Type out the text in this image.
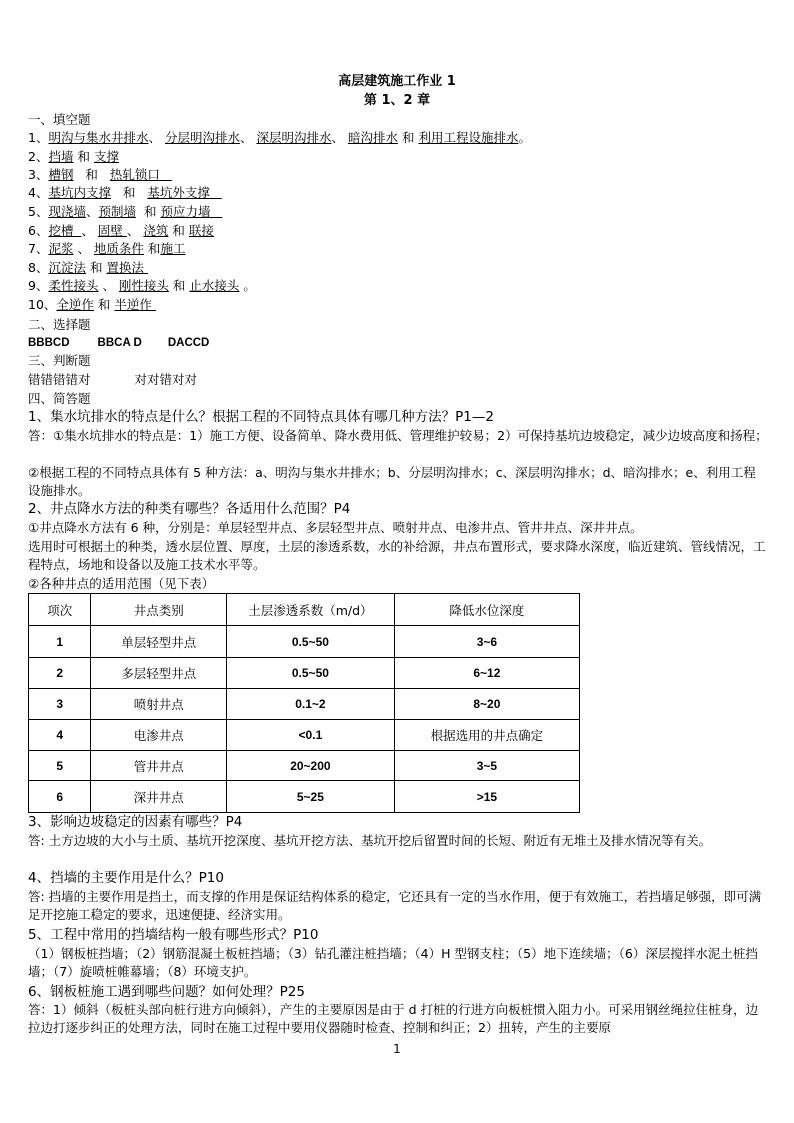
高层建筑施工作业 1
第 1、2 章
一、填空题
1、明沟与集水井排水、 分层明沟排水、 深层明沟排水、 暗沟排水 和 利用工程设施排水。
2、挡墙 和 支撑
3、槽钢 和 热轧锁口
4、基坑内支撑 和 基坑外支撑
5、现浇墙、预制墙 和 预应力墙
6、挖槽 、 固壁 、 浇筑 和 联接
7、泥浆 、 地质条件 和施工
8、沉淀法 和 置换法
9、柔性接头 、 刚性接头 和 止水接头 。
10、全逆作 和 半逆作
二、选择题
BBBCD BBCA D DACCD
三、判断题
错错错错对	对对错对对
四、简答题
1、集水坑排水的特点是什么？根据工程的不同特点具体有哪几种方法？P1—2
答：①集水坑排水的特点是：1）施工方便、设备简单、降水费用低、管理维护较易；2）可保持基坑边坡稳定，减少边坡高度和扬程；
②根据工程的不同特点具体有 5 种方法：a、明沟与集水井排水；b、分层明沟排水；c、深层明沟排水；d、暗沟排水；e、利用工程设施排水。
2、井点降水方法的种类有哪些？各适用什么范围？P4
①井点降水方法有 6 种，分别是：单层轻型井点、多层轻型井点、喷射井点、电渗井点、管井井点、深井井点。
选用时可根据土的种类，透水层位置、厚度，土层的渗透系数，水的补给源，井点布置形式，要求降水深度，临近建筑、管线情况，工程特点，场地和设备以及施工技术水平等。
②各种井点的适用范围（见下表）
项次	井点类别	土层渗透系数（m/d）	降低水位深度
1	单层轻型井点	0.5~50	3~6
2	多层轻型井点	0.5~50	6~12
3	喷射井点	0.1~2	8~20
4	电渗井点	<0.1	根据选用的井点确定
5	管井井点	20~200	3~5
6	深井井点	5~25	>15
3、影响边坡稳定的因素有哪些？P4
答: 土方边坡的大小与土质、基坑开挖深度、基坑开挖方法、基坑开挖后留置时间的长短、附近有无堆土及排水情况等有关。
4、挡墙的主要作用是什么？P10
答: 挡墙的主要作用是挡土，而支撑的作用是保证结构体系的稳定，它还具有一定的当水作用，便于有效施工，若挡墙足够强，即可满足开挖施工稳定的要求，迅速便捷、经济实用。
5、工程中常用的挡墙结构一般有哪些形式？P10
（1）钢板桩挡墙；（2）钢筋混凝土板桩挡墙；（3）钻孔灌注桩挡墙；（4）H 型钢支柱；（5）地下连续墙；（6）深层搅拌水泥土桩挡墙；（7）旋喷桩帷幕墙；（8）环境支护。
6、钢板桩施工遇到哪些问题？如何处理？P25
答：1）倾斜（板桩头部向桩行进方向倾斜），产生的主要原因是由于 d 打桩的行进方向板桩惯入阻力小。可采用钢丝绳拉住桩身，边拉边打逐步纠正的处理方法，同时在施工过程中要用仪器随时检查、控制和纠正；2）扭转，产生的主要原
1
